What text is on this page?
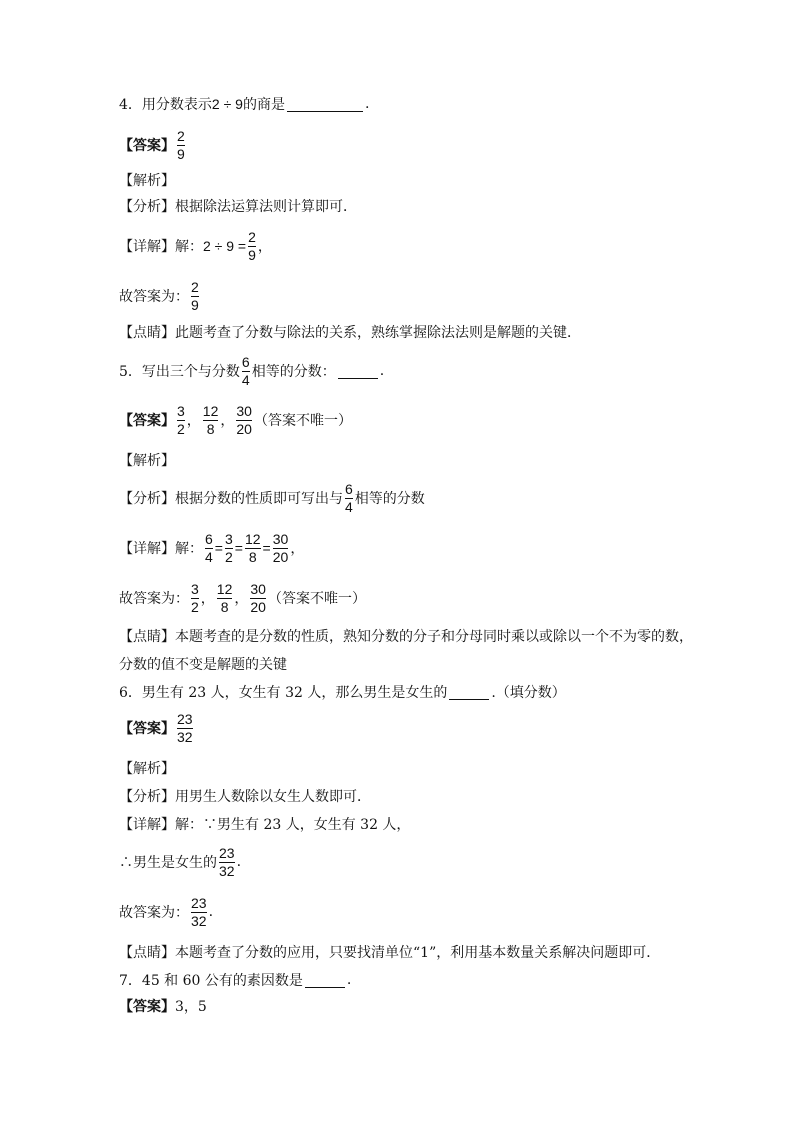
4．用分数表示 2 ÷ 9 的商是	.
【答案】 $\frac{2}{9}$
【解析】
【分析】根据除法运算法则计算即可．
【详解】解： $2 \div 9 = \frac{2}{9}$ ，
故答案为： $\frac{2}{9}$
【点睛】此题考查了分数与除法的关系，熟练掌握除法法则是解题的关键．
5．写出三个与分数 $\frac{6}{4}$ 相等的分数：	.
【答案】 $\frac{3}{2}$ ， $\frac{12}{8}$ ， $\frac{30}{20}$ （答案不唯一）
【解析】
【分析】根据分数的性质即可写出与 $\frac{6}{4}$ 相等的分数
【详解】解： $\frac{6}{4} = \frac{3}{2} = \frac{12}{8} = \frac{30}{20}$ ，
故答案为： $\frac{3}{2}$ ， $\frac{12}{8}$ ， $\frac{30}{20}$ （答案不唯一）
【点睛】本题考查的是分数的性质，熟知分数的分子和分母同时乘以或除以一个不为零的数，
分数的值不变是解题的关键
6．男生有 23 人，女生有 32 人，那么男生是女生的	.（填分数）
【答案】 $\frac{23}{32}$
【解析】
【分析】用男生人数除以女生人数即可．
【详解】解：∵男生有 23 人，女生有 32 人，
∴男生是女生的 $\frac{23}{32}$ .
故答案为： $\frac{23}{32}$ .
【点睛】本题考查了分数的应用，只要找清单位“1”，利用基本数量关系解决问题即可．
7．45 和 60 公有的素因数是	.
【答案】 3，5
